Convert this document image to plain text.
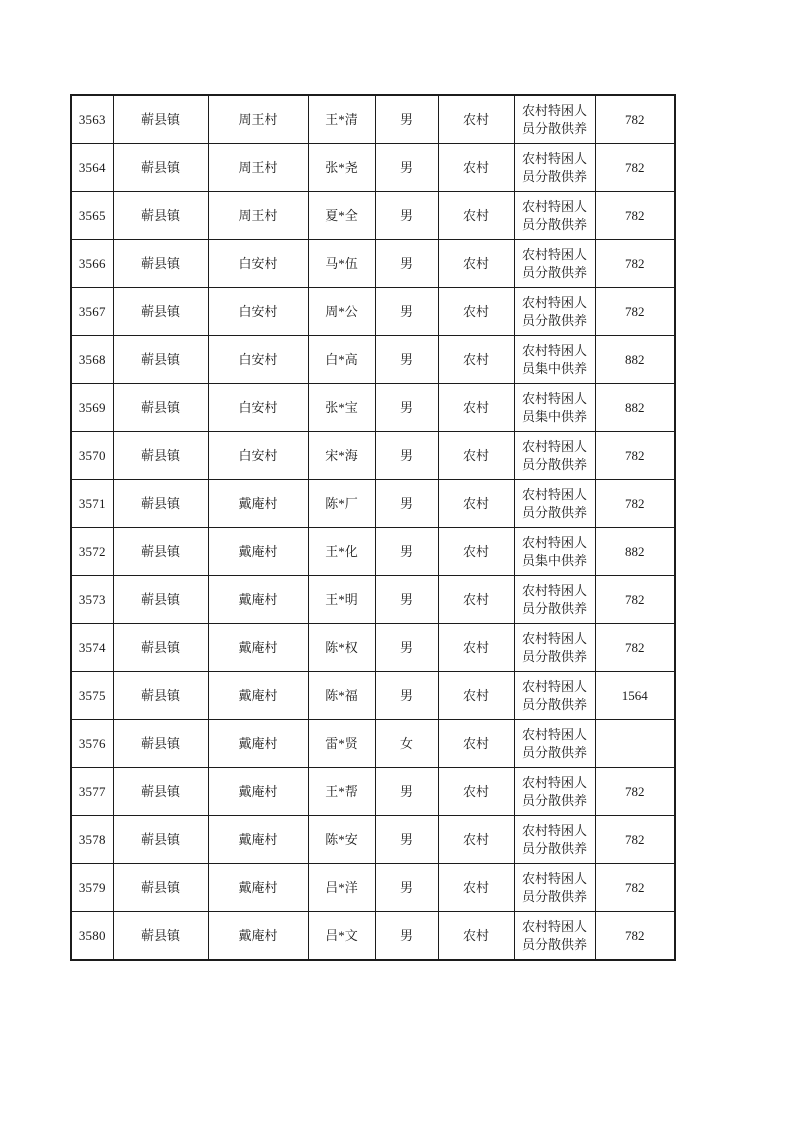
3563	蕲县镇	周王村	王*清	男	农村	农村特困人员分散供养	782
3564	蕲县镇	周王村	张*尧	男	农村	农村特困人员分散供养	782
3565	蕲县镇	周王村	夏*全	男	农村	农村特困人员分散供养	782
3566	蕲县镇	白安村	马*伍	男	农村	农村特困人员分散供养	782
3567	蕲县镇	白安村	周*公	男	农村	农村特困人员分散供养	782
3568	蕲县镇	白安村	白*高	男	农村	农村特困人员集中供养	882
3569	蕲县镇	白安村	张*宝	男	农村	农村特困人员集中供养	882
3570	蕲县镇	白安村	宋*海	男	农村	农村特困人员分散供养	782
3571	蕲县镇	戴庵村	陈*厂	男	农村	农村特困人员分散供养	782
3572	蕲县镇	戴庵村	王*化	男	农村	农村特困人员集中供养	882
3573	蕲县镇	戴庵村	王*明	男	农村	农村特困人员分散供养	782
3574	蕲县镇	戴庵村	陈*权	男	农村	农村特困人员分散供养	782
3575	蕲县镇	戴庵村	陈*福	男	农村	农村特困人员分散供养	1564
3576	蕲县镇	戴庵村	雷*贤	女	农村	农村特困人员分散供养	
3577	蕲县镇	戴庵村	王*帮	男	农村	农村特困人员分散供养	782
3578	蕲县镇	戴庵村	陈*安	男	农村	农村特困人员分散供养	782
3579	蕲县镇	戴庵村	吕*洋	男	农村	农村特困人员分散供养	782
3580	蕲县镇	戴庵村	吕*文	男	农村	农村特困人员分散供养	782
